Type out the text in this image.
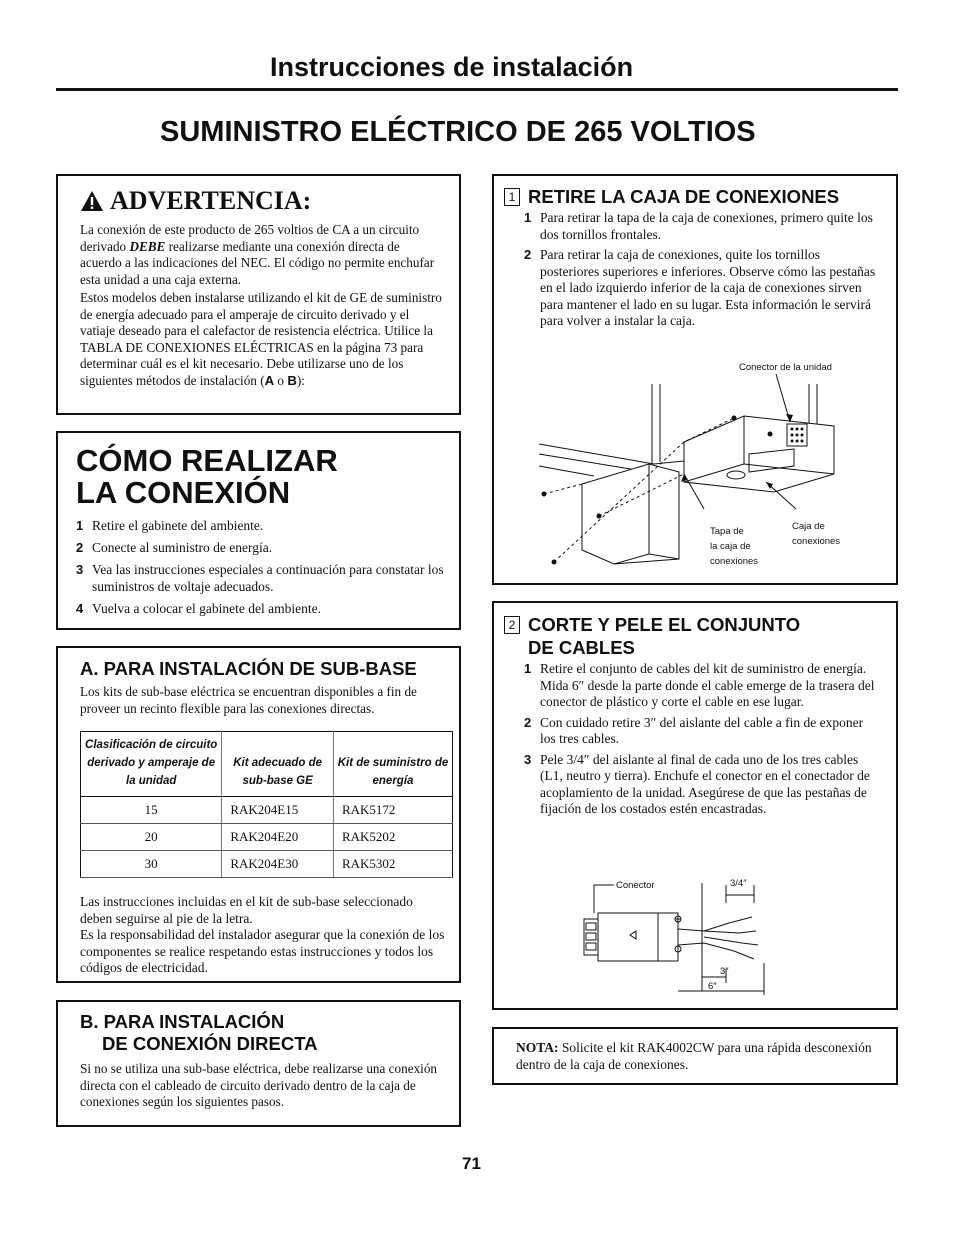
Instrucciones de instalación
SUMINISTRO ELÉCTRICO DE 265 VOLTIOS
ADVERTENCIA:

La conexión de este producto de 265 voltios de CA a un circuito derivado DEBE realizarse mediante una conexión directa de acuerdo a las indicaciones del NEC. El código no permite enchufar esta unidad a una caja externa.

Estos modelos deben instalarse utilizando el kit de GE de suministro de energía adecuado para el amperaje de circuito derivado y el vatiaje deseado para el calefactor de resistencia eléctrica. Utilice la TABLA DE CONEXIONES ELÉCTRICAS en la página 73 para determinar cuál es el kit necesario. Debe utilizarse uno de los siguientes métodos de instalación (A o B):

CÓMO REALIZAR
LA CONEXIÓN
1 Retire el gabinete del ambiente.
2 Conecte al suministro de energía.
3 Vea las instrucciones especiales a continuación para constatar los suministros de voltaje adecuados.
4 Vuelva a colocar el gabinete del ambiente.
A. PARA INSTALACIÓN DE SUB-BASE

Los kits de sub-base eléctrica se encuentran disponibles a fin de proveer un recinto flexible para las conexiones directas.

Clasificación de circuito derivado y amperaje de la unidad	Kit adecuado de sub-base GE	Kit de suministro de energía
15	RAK204E15	RAK5172
20	RAK204E20	RAK5202
30	RAK204E30	RAK5302

Las instrucciones incluidas en el kit de sub-base seleccionado deben seguirse al pie de la letra.

Es la responsabilidad del instalador asegurar que la conexión de los componentes se realice respetando estas instrucciones y todos los códigos de electricidad.

B. PARA INSTALACIÓN
DE CONEXIÓN DIRECTA

Si no se utiliza una sub-base eléctrica, debe realizarse una conexión directa con el cableado de circuito derivado dentro de la caja de conexiones según los siguientes pasos.

1 RETIRE LA CAJA DE CONEXIONES
1 Para retirar la tapa de la caja de conexiones, primero quite los dos tornillos frontales.
2 Para retirar la caja de conexiones, quite los tornillos posteriores superiores e inferiores. Observe cómo las pestañas en el lado izquierdo inferior de la caja de conexiones sirven para mantener el lado en su lugar. Esta información le servirá para volver a instalar la caja.
Conector de la unidad
Tapa de
la caja de
conexiones
Caja de
conexiones
2 CORTE Y PELE EL CONJUNTO
DE CABLES
1 Retire el conjunto de cables del kit de suministro de energía. Mida 6″ desde la parte donde el cable emerge de la trasera del conector de plástico y corte el cable en ese lugar.
2 Con cuidado retire 3″ del aislante del cable a fin de exponer los tres cables.
3 Pele 3/4″ del aislante al final de cada uno de los tres cables (L1, neutro y tierra). Enchufe el conector en el conectador de acoplamiento de la unidad. Asegúrese de que las pestañas de fijación de los costados estén encastradas.
Conector	3/4″
3″
6″

NOTA: Solicite el kit RAK4002CW para una rápida desconexión dentro de la caja de conexiones.

71
